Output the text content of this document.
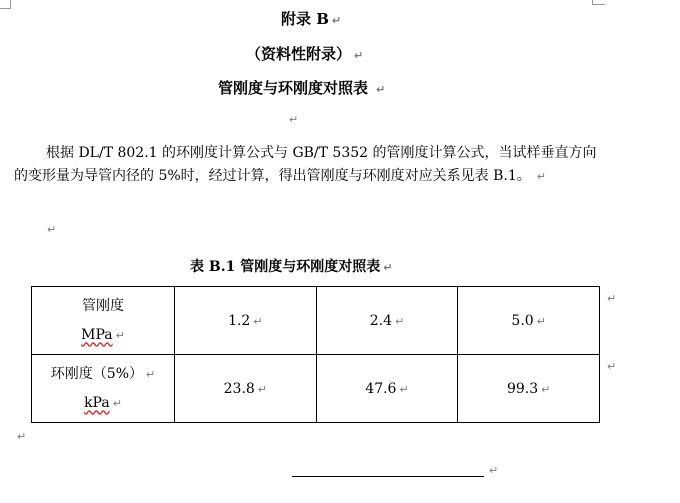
附录 B ↵
（资料性附录） ↵
管刚度与环刚度对照表 ↵
↵
根据 DL/T 802.1 的环刚度计算公式与 GB/T 5352 的管刚度计算公式，当试样垂直方向的变形量为导管内径的 5%时，经过计算，得出管刚度与环刚度对应关系见表 B.1。 ↵
↵
表 B.1 管刚度与环刚度对照表 ↵
管刚度
MPa ↵	1.2 ↵	2.4 ↵	5.0 ↵

环刚度（5%） ↵
kPa ↵	23.8 ↵	47.6 ↵	99.3 ↵
↵
↵
↵
↵
